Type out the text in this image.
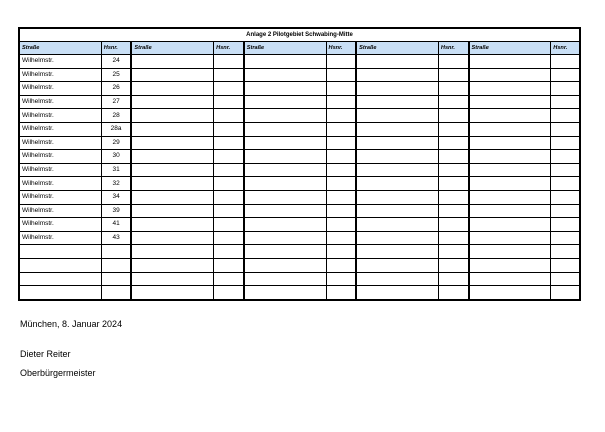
Anlage 2 Pilotgebiet Schwabing-Mitte									
Straße	Hsnr.	Straße	Hsnr.	Straße	Hsnr.	Straße	Hsnr.	Straße	Hsnr.
Wilhelmstr.	24								
Wilhelmstr.	25								
Wilhelmstr.	26								
Wilhelmstr.	27								
Wilhelmstr.	28								
Wilhelmstr.	28a								
Wilhelmstr.	29								
Wilhelmstr.	30								
Wilhelmstr.	31								
Wilhelmstr.	32								
Wilhelmstr.	34								
Wilhelmstr.	39								
Wilhelmstr.	41								
Wilhelmstr.	43								

München, 8. Januar 2024
Dieter Reiter
Oberbürgermeister
